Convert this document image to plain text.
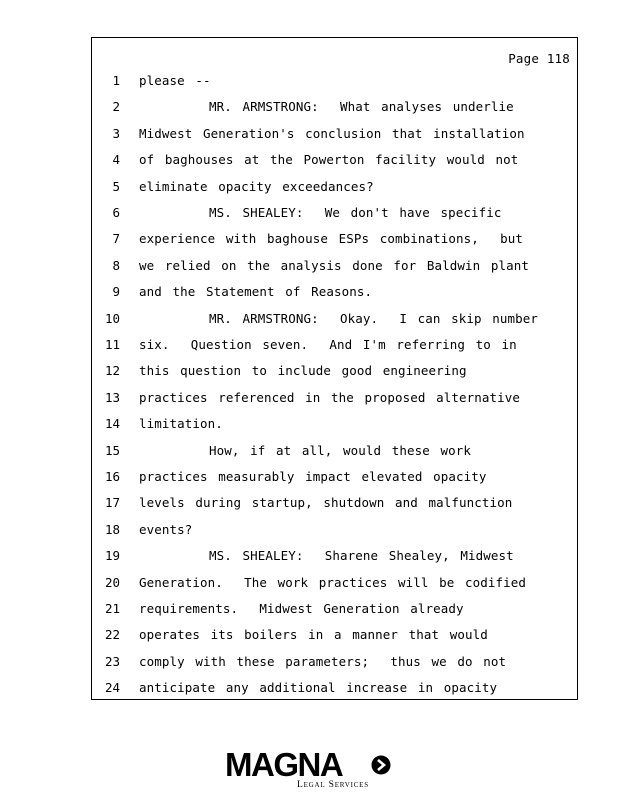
Page 118
1 please --
2	MR. ARMSTRONG:  What analyses underlie
3 Midwest Generation's conclusion that installation
4 of baghouses at the Powerton facility would not
5 eliminate opacity exceedances?
6	MS. SHEALEY:  We don't have specific
7 experience with baghouse ESPs combinations,  but
8 we relied on the analysis done for Baldwin plant
9 and the Statement of Reasons.
10	MR. ARMSTRONG:  Okay.  I can skip number
11 six.  Question seven.  And I'm referring to in
12 this question to include good engineering
13 practices referenced in the proposed alternative
14 limitation.
15	How, if at all, would these work
16 practices measurably impact elevated opacity
17 levels during startup, shutdown and malfunction
18 events?
19	MS. SHEALEY:  Sharene Shealey, Midwest
20 Generation.  The work practices will be codified
21 requirements.  Midwest Generation already
22 operates its boilers in a manner that would
23 comply with these parameters;  thus we do not
24 anticipate any additional increase in opacity
MAGNA
Legal Services
